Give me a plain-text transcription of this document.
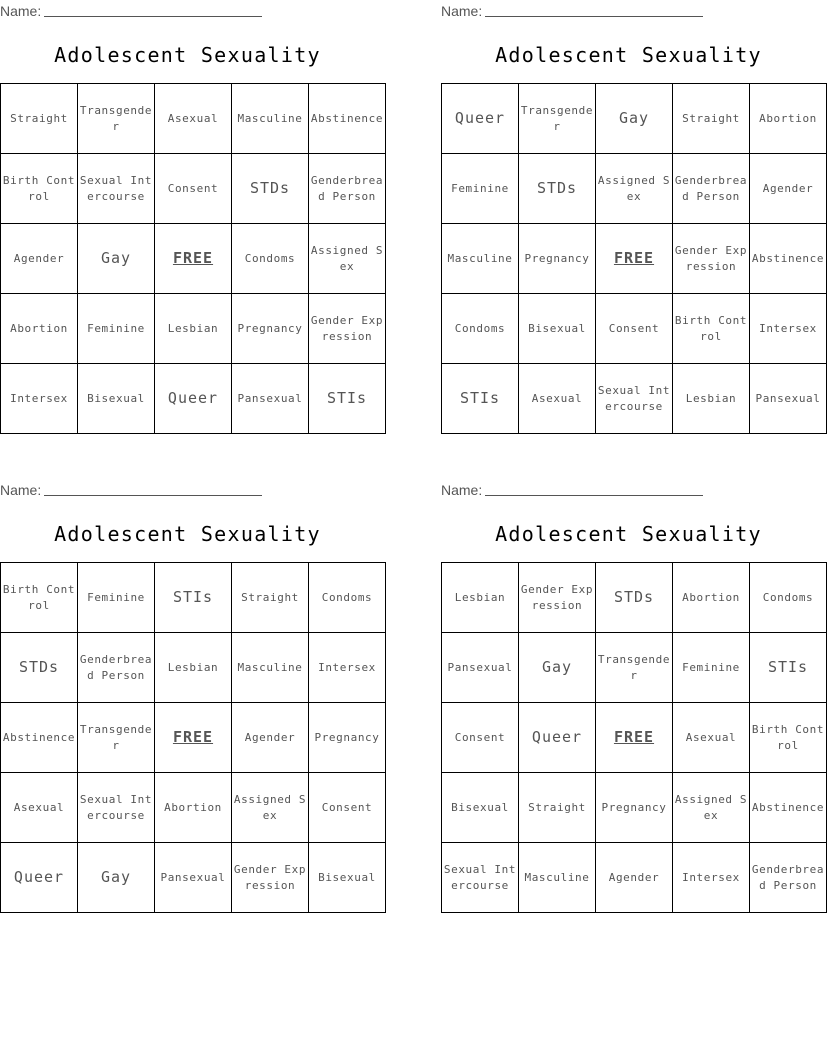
Name:
Adolescent Sexuality
Straight	Transgender	Asexual	Masculine	Abstinence
Birth Control	Sexual Intercourse	Consent	STDs	Genderbread Person
Agender	Gay	FREE	Condoms	Assigned Sex
Abortion	Feminine	Lesbian	Pregnancy	Gender Expression
Intersex	Bisexual	Queer	Pansexual	STIs
Name:
Adolescent Sexuality
Queer	Transgender	Gay	Straight	Abortion
Feminine	STDs	Assigned Sex	Genderbread Person	Agender
Masculine	Pregnancy	FREE	Gender Expression	Abstinence
Condoms	Bisexual	Consent	Birth Control	Intersex
STIs	Asexual	Sexual Intercourse	Lesbian	Pansexual
Name:
Adolescent Sexuality
Birth Control	Feminine	STIs	Straight	Condoms
STDs	Genderbread Person	Lesbian	Masculine	Intersex
Abstinence	Transgender	FREE	Agender	Pregnancy
Asexual	Sexual Intercourse	Abortion	Assigned Sex	Consent
Queer	Gay	Pansexual	Gender Expression	Bisexual
Name:
Adolescent Sexuality
Lesbian	Gender Expression	STDs	Abortion	Condoms
Pansexual	Gay	Transgender	Feminine	STIs
Consent	Queer	FREE	Asexual	Birth Control
Bisexual	Straight	Pregnancy	Assigned Sex	Abstinence
Sexual Intercourse	Masculine	Agender	Intersex	Genderbread Person
